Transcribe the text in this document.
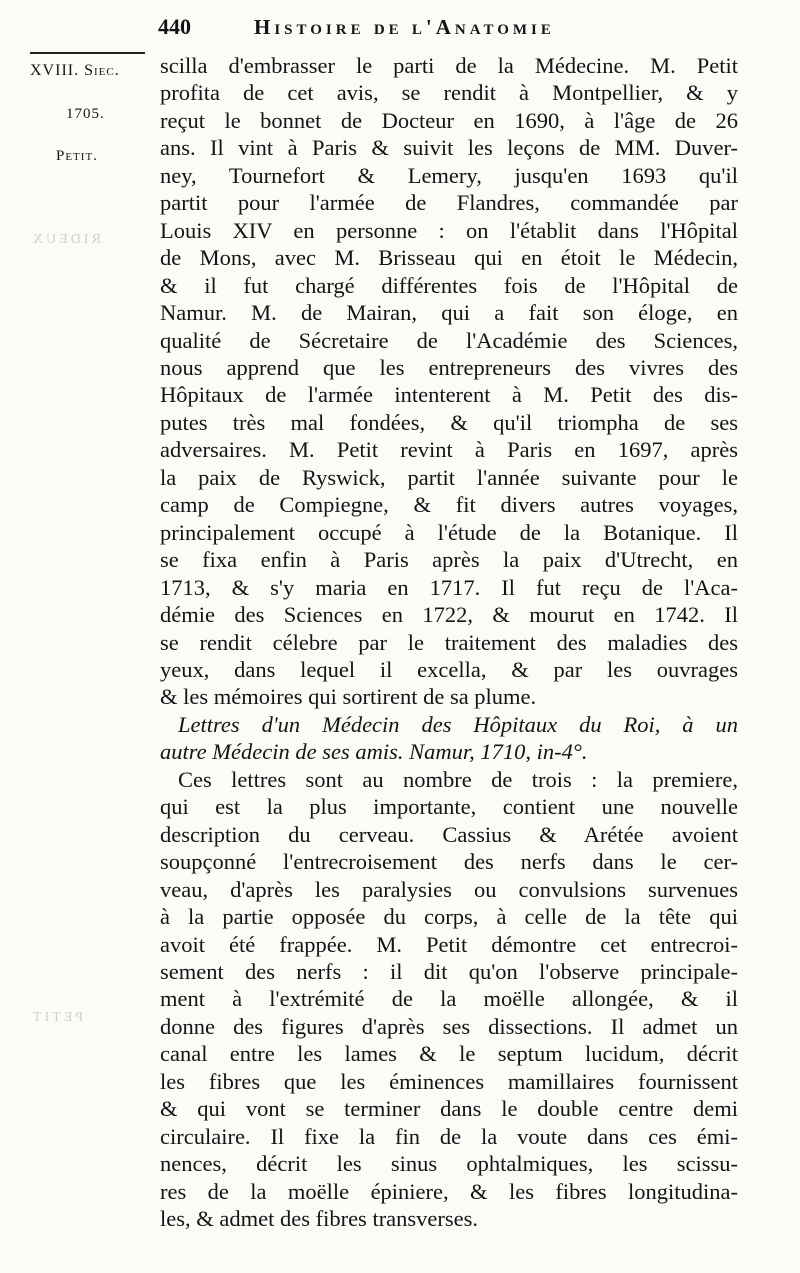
RIDEUX
PETIT
440	Histoire de l'Anatomie
XVIII. Siec.
1705.
Petit.
scilla d'embrasser le parti de la Médecine. M. Petit
profita de cet avis, se rendit à Montpellier, & y
reçut le bonnet de Docteur en 1690, à l'âge de 26
ans. Il vint à Paris & suivit les leçons de MM. Duver-
ney, Tournefort & Lemery, jusqu'en 1693 qu'il
partit pour l'armée de Flandres, commandée par
Louis XIV en personne : on l'établit dans l'Hôpital
de Mons, avec M. Brisseau qui en étoit le Médecin,
& il fut chargé différentes fois de l'Hôpital de
Namur. M. de Mairan, qui a fait son éloge, en
qualité de Sécretaire de l'Académie des Sciences,
nous apprend que les entrepreneurs des vivres des
Hôpitaux de l'armée intenterent à M. Petit des dis-
putes très mal fondées, & qu'il triompha de ses
adversaires. M. Petit revint à Paris en 1697, après
la paix de Ryswick, partit l'année suivante pour le
camp de Compiegne, & fit divers autres voyages,
principalement occupé à l'étude de la Botanique. Il
se fixa enfin à Paris après la paix d'Utrecht, en
1713, & s'y maria en 1717. Il fut reçu de l'Aca-
démie des Sciences en 1722, & mourut en 1742. Il
se rendit célebre par le traitement des maladies des
yeux, dans lequel il excella, & par les ouvrages
& les mémoires qui sortirent de sa plume.
Lettres d'un Médecin des Hôpitaux du Roi, à un
autre Médecin de ses amis. Namur, 1710, in-4°.
Ces lettres sont au nombre de trois : la premiere,
qui est la plus importante, contient une nouvelle
description du cerveau. Cassius & Arétée avoient
soupçonné l'entrecroisement des nerfs dans le cer-
veau, d'après les paralysies ou convulsions survenues
à la partie opposée du corps, à celle de la tête qui
avoit été frappée. M. Petit démontre cet entrecroi-
sement des nerfs : il dit qu'on l'observe principale-
ment à l'extrémité de la moëlle allongée, & il
donne des figures d'après ses dissections. Il admet un
canal entre les lames & le septum lucidum, décrit
les fibres que les éminences mamillaires fournissent
& qui vont se terminer dans le double centre demi
circulaire. Il fixe la fin de la voute dans ces émi-
nences, décrit les sinus ophtalmiques, les scissu-
res de la moëlle épiniere, & les fibres longitudina-
les, & admet des fibres transverses.
